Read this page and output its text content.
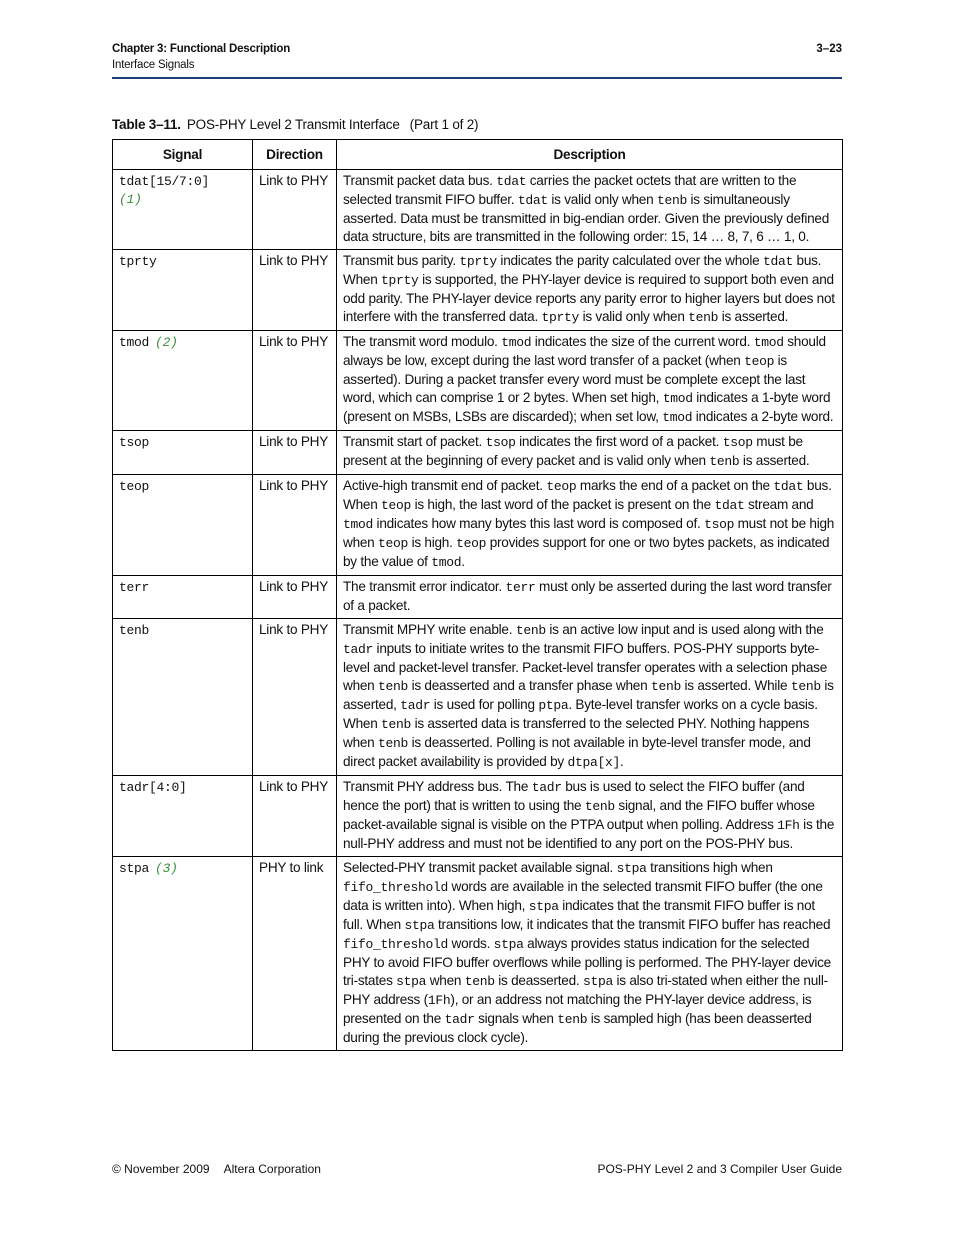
Chapter 3: Functional Description
Interface Signals
3–23
Table 3–11. POS-PHY Level 2 Transmit Interface (Part 1 of 2)
Signal	Direction	Description
tdat[15/7:0]
(1)	Link to PHY	Transmit packet data bus. tdat carries the packet octets that are written to the selected transmit FIFO buffer. tdat is valid only when tenb is simultaneously asserted. Data must be transmitted in big-endian order. Given the previously defined data structure, bits are transmitted in the following order: 15, 14 … 8, 7, 6 … 1, 0.
tprty	Link to PHY	Transmit bus parity. tprty indicates the parity calculated over the whole tdat bus. When tprty is supported, the PHY-layer device is required to support both even and odd parity. The PHY-layer device reports any parity error to higher layers but does not interfere with the transferred data. tprty is valid only when tenb is asserted.
tmod (2)	Link to PHY	The transmit word modulo. tmod indicates the size of the current word. tmod should always be low, except during the last word transfer of a packet (when teop is asserted). During a packet transfer every word must be complete except the last word, which can comprise 1 or 2 bytes. When set high, tmod indicates a 1-byte word (present on MSBs, LSBs are discarded); when set low, tmod indicates a 2-byte word.
tsop	Link to PHY	Transmit start of packet. tsop indicates the first word of a packet. tsop must be present at the beginning of every packet and is valid only when tenb is asserted.
teop	Link to PHY	Active-high transmit end of packet. teop marks the end of a packet on the tdat bus. When teop is high, the last word of the packet is present on the tdat stream and tmod indicates how many bytes this last word is composed of. tsop must not be high when teop is high. teop provides support for one or two bytes packets, as indicated by the value of tmod.
terr	Link to PHY	The transmit error indicator. terr must only be asserted during the last word transfer of a packet.
tenb	Link to PHY	Transmit MPHY write enable. tenb is an active low input and is used along with the tadr inputs to initiate writes to the transmit FIFO buffers. POS-PHY supports byte-level and packet-level transfer. Packet-level transfer operates with a selection phase when tenb is deasserted and a transfer phase when tenb is asserted. While tenb is asserted, tadr is used for polling ptpa. Byte-level transfer works on a cycle basis. When tenb is asserted data is transferred to the selected PHY. Nothing happens when tenb is deasserted. Polling is not available in byte-level transfer mode, and direct packet availability is provided by dtpa[x].
tadr[4:0]	Link to PHY	Transmit PHY address bus. The tadr bus is used to select the FIFO buffer (and hence the port) that is written to using the tenb signal, and the FIFO buffer whose packet-available signal is visible on the PTPA output when polling. Address 1Fh is the null-PHY address and must not be identified to any port on the POS-PHY bus.
stpa (3)	PHY to link	Selected-PHY transmit packet available signal. stpa transitions high when fifo_threshold words are available in the selected transmit FIFO buffer (the one data is written into). When high, stpa indicates that the transmit FIFO buffer is not full. When stpa transitions low, it indicates that the transmit FIFO buffer has reached fifo_threshold words. stpa always provides status indication for the selected PHY to avoid FIFO buffer overflows while polling is performed. The PHY-layer device tri-states stpa when tenb is deasserted. stpa is also tri-stated when either the null-PHY address (1Fh), or an address not matching the PHY-layer device address, is presented on the tadr signals when tenb is sampled high (has been deasserted during the previous clock cycle).
© November 2009 Altera Corporation	POS-PHY Level 2 and 3 Compiler User Guide
